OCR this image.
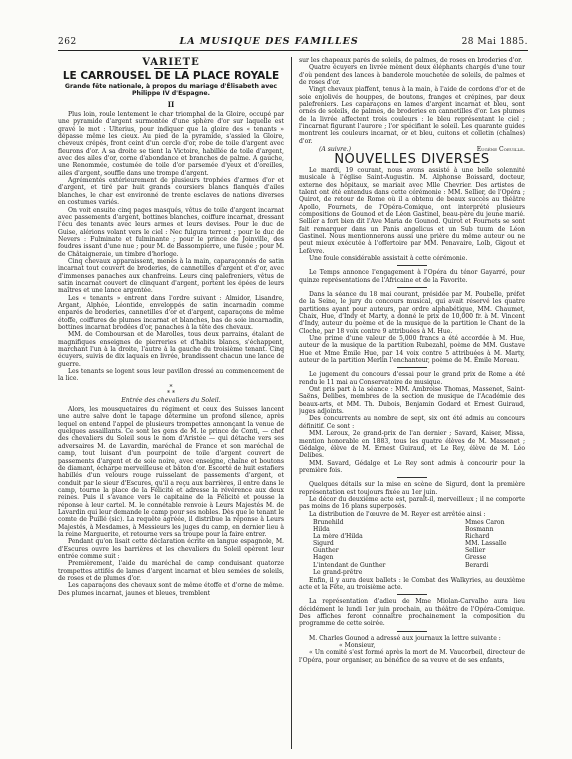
262	LA MUSIQUE DES FAMILLES	28 Mai 1885.
VARIÉTÉ
LE CARROUSEL DE LA PLACE ROYALE
Grande fête nationale, à propos du mariage d'Élisabeth avec Philippe IV d'Espagne.
II

Plus loin, roule lentement le char triomphal de la Gloire, occupé par une pyramide d'argent surmontée d'une sphère d'or sur laquelle est gravé le mot : Ulterius, pour indiquer que la gloire des « tenants » dépasse même les cieux. Au pied de la pyramide, s'assied la Gloire, cheveux crépés, front ceint d'un cercle d'or, robe de toile d'argent avec fleurons d'or. A sa droite se tient la Victoire, habillée de toile d'argent, avec des ailes d'or, corne d'abondance et branches de palme. A gauche, une Renommée, costumée de toile d'or parsemée d'yeux et d'oreilles, ailes d'argent, souffle dans une trompe d'argent.

Agrémentés extérieurement de plusieurs trophées d'armes d'or et d'argent, et tiré par huit grands coursiers blancs flanqués d'ailes blanches, le char est environné de trente esclaves de nations diverses en costumes variés.

On voit ensuite cinq pages masqués, vêtus de toile d'argent incarnat avec passements d'argent, bottines blanches, coiffure incarnat, dressant l'écu des tenants avec leurs armes et leurs devises. Pour le duc de Guise, alérions volant vers le ciel : Nec fulgura terrent ; pour le duc de Nevers : Fulminate et fulminante ; pour le prince de Joinville, des foudres issant d'une nue ; pour M. de Bassompierre, une fusée ; pour M. de Châtaigneraie, un timbre d'horloge.

Cinq chevaux apparaissent, menés à la main, caparaçonnés de satin incarnat tout couvert de broderies, de cannetilles d'argent et d'or, avec d'immenses panaches aux chanfreins. Leurs cinq palefreniers, vêtus de satin incarnat couvert de clinquant d'argent, portent les épées de leurs maîtres et une lance argentée.

Les « tenants » entrent dans l'ordre suivant : Almidor, Lisandre, Argant, Alphée, Léontide, enveloppés de satin incarnadin comme enparés de broderies, cannetilles d'or et d'argent, caparaçons de même étoffe, coiffures de plumes incarnat et blanches, bas de soie incarnadin, bottines incarnat brodées d'or, panaches à la tête des chevaux.

MM. de Comboursan et de Marolles, tous deux parrains, étalant de magnifiques enseignes de pierreries et d'habits blancs, s'échappent, marchant l'un à la droite, l'autre à la gauche du troisième tenant. Cinq écuyers, suivis de dix laquais en livrée, brandissent chacun une lance de guerre.

Les tenants se logent sous leur pavillon dressé au commencement de la lice.

*
* *
Entrée des chevaliers du Soleil.

Alors, les mousquetaires du régiment et ceux des Suisses lancent une autre salve dont le tapage détermine un profond silence, après lequel on entend l'appel de plusieurs trompettes annonçant la venue de quelques assaillants. Ce sont les gens de M. le prince de Conti, — chef des chevaliers du Soleil sous le nom d'Aristée — qui détache vers ses adversaires M. de Lavardin, maréchal de France et son maréchal de camp, tout luisant d'un pourpoint de toile d'argent couvert de passements d'argent et de soie noire, avec enseigne, chaîne et boutons de diamant, écharpe merveilleuse et bâton d'or. Escorté de huit estafiers habillés d'un velours rouge ruisselant de passements d'argent, et conduit par le sieur d'Escures, qu'il a reçu aux barrières, il entre dans le camp, tourne la place de la Félicité et adresse la révérence aux deux reines. Puis il s'avance vers le capitaine de la Félicité et pousse la réponse à leur cartel. M. le connétable renvoie à Leurs Majestés M. de Lavardin qui leur demande le camp pour ses nobles. Dès que le tenant le comte de Puillé (sic). La requête agréée, il distribue la réponse à Leurs Majestés, à Mesdames, à Messieurs les juges du camp, en dernier lieu à la reine Marguerite, et retourne vers sa troupe pour la faire entrer.

Pendant qu'on lisait cette déclaration écrite en langue espagnole, M. d'Escures ouvre les barrières et les chevaliers du Soleil opèrent leur entrée comme suit :

Premièrement, l'aide du maréchal de camp conduisant quatorze trompettes attifés de lames d'argent incarnat et bleu semées de soleils, de roses et de plumes d'or.

Les caparaçons des chevaux sont de même étoffe et d'orne de même. Des plumes incarnat, jaunes et bleues, tremblent

sur les chapeaux parés de soleils, de palmes, de roses en broderies d'or.

Quatre écuyers en livrée mènent deux éléphants chargés d'une tour d'où pendent des lances à banderole mouchetée de soleils, de palmes et de roses d'or.

Vingt chevaux piaffent, tenus à la main, à l'aide de cordons d'or et de soie enjolivés de houppes, de boutons, franges et crépines, par deux palefreniers. Les caparaçons en lames d'argent incarnat et bleu, sont ornés de soleils, de palmes, de broderies en cannetilles d'or. Les plumes de la livrée affectent trois couleurs : le bleu représentant le ciel ; l'incarnat figurant l'aurore ; l'or spécifiant le soleil. Les quarante guides montrent les couleurs incarnat, or et bleu, cuitons et colletin (chaînes) d'or.

(A suivre.)	Eugène Coeuille.
NOUVELLES DIVERSES

Le mardi, 19 courant, nous avons assisté à une belle solennité musicale à l'église Saint-Augustin. M. Alphonse Boissard, docteur, externe des hôpitaux, se mariait avec Mlle Chevrier. Des artistes de talent ont été entendus dans cette cérémonie : MM. Sellier, de l'Opéra ; Quirot, de retour de Rome où il a obtenu de beaux succès au théâtre Apollo, Fournets, de l'Opéra-Comique, ont interprété plusieurs compositions de Gounod et de Léon Gastinel, beau-père du jeune marié. Sellier a fort bien dit l'Ave Maria de Gounod. Quirot et Fournets se sont fait remarquer dans un Panis angelicus et un Sub tuum de Léon Gastinel. Nous mentionnerons aussi une prière du même auteur ou ne peut mieux exécutée à l'offertoire par MM. Penavaire, Lolb, Gigout et Lefèvre.

Une foule considérable assistait à cette cérémonie.

Le Temps annonce l'engagement à l'Opéra du ténor Gayarré, pour quinze représentations de l'Africaine et de la Favorite.

Dans la séance du 18 mai courant, présidée par M. Poubelle, préfet de la Seine, le jury du concours musical, qui avait réservé les quatre partitions ayant pour auteurs, par ordre alphabétique, MM. Chaumet, Chaix, Hue, d'Indy et Marty, a donné le prix de 10,000 fr. à M. Vincent d'Indy, auteur du poème et de la musique de la partition le Chant de la Cloche, par 18 voix contre 9 attribuées à M. Hue.

Une prime d'une valeur de 5,000 francs a été accordée à M. Hue, auteur de la musique de la partition Rubezahl, poème de MM. Gustave Hue et Mme Émile Hue, par 14 voix contre 5 attribuées à M. Marty, auteur de la partition Merlin l'enchanteur, poème de M. Émile Moreau.

Le jugement du concours d'essai pour le grand prix de Rome a été rendu le 11 mai au Conservatoire de musique.

Ont pris part à la séance : MM. Ambroise Thomas, Massenet, Saint-Saëns, Delibes, membres de la section de musique de l'Académie des beaux-arts, et MM. Th. Dubois, Benjamin Godard et Ernest Guiraud, juges adjoints.

Des concurrents au nombre de sept, six ont été admis au concours définitif. Ce sont :

MM. Leroux, 2e grand-prix de l'an dernier ; Savard, Kaiser, Missa, mention honorable en 1883, tous les quatre élèves de M. Massenet ; Gédalge, élève de M. Ernest Guiraud, et Le Rey, élève de M. Léo Delibes.

MM. Savard, Gédalge et Le Rey sont admis à concourir pour la première fois.

Quelques détails sur la mise en scène de Sigurd, dont la première représentation est toujours fixée au 1er juin.

Le décor du deuxième acte est, paraît-il, merveilleux ; il ne comporte pas moins de 16 plans superposés.

La distribution de l'œuvre de M. Reyer est arrêtée ainsi :

Brunehild	Mmes Caron
Hilda	Bosmann
La mère d'Hilda	Richard
Sigurd	MM. Lassalle
Gunther	Sellier
Hagen	Gresse
L'intendant de Gunther	Berardi
Le grand-prêtre

Enfin, il y aura deux ballets : le Combat des Walkyries, au deuxième acte et la Fête, au troisième acte.

La représentation d'adieu de Mme Miolan-Carvalho aura lieu décidément le lundi 1er juin prochain, au théâtre de l'Opéra-Comique. Des affiches feront connaître prochainement la composition du programme de cette soirée.

M. Charles Gounod a adressé aux journaux la lettre suivante :

« Monsieur,

« Un comité s'est formé après la mort de M. Vaucorbeil, directeur de l'Opéra, pour organiser, au bénéfice de sa veuve et de ses enfants,
